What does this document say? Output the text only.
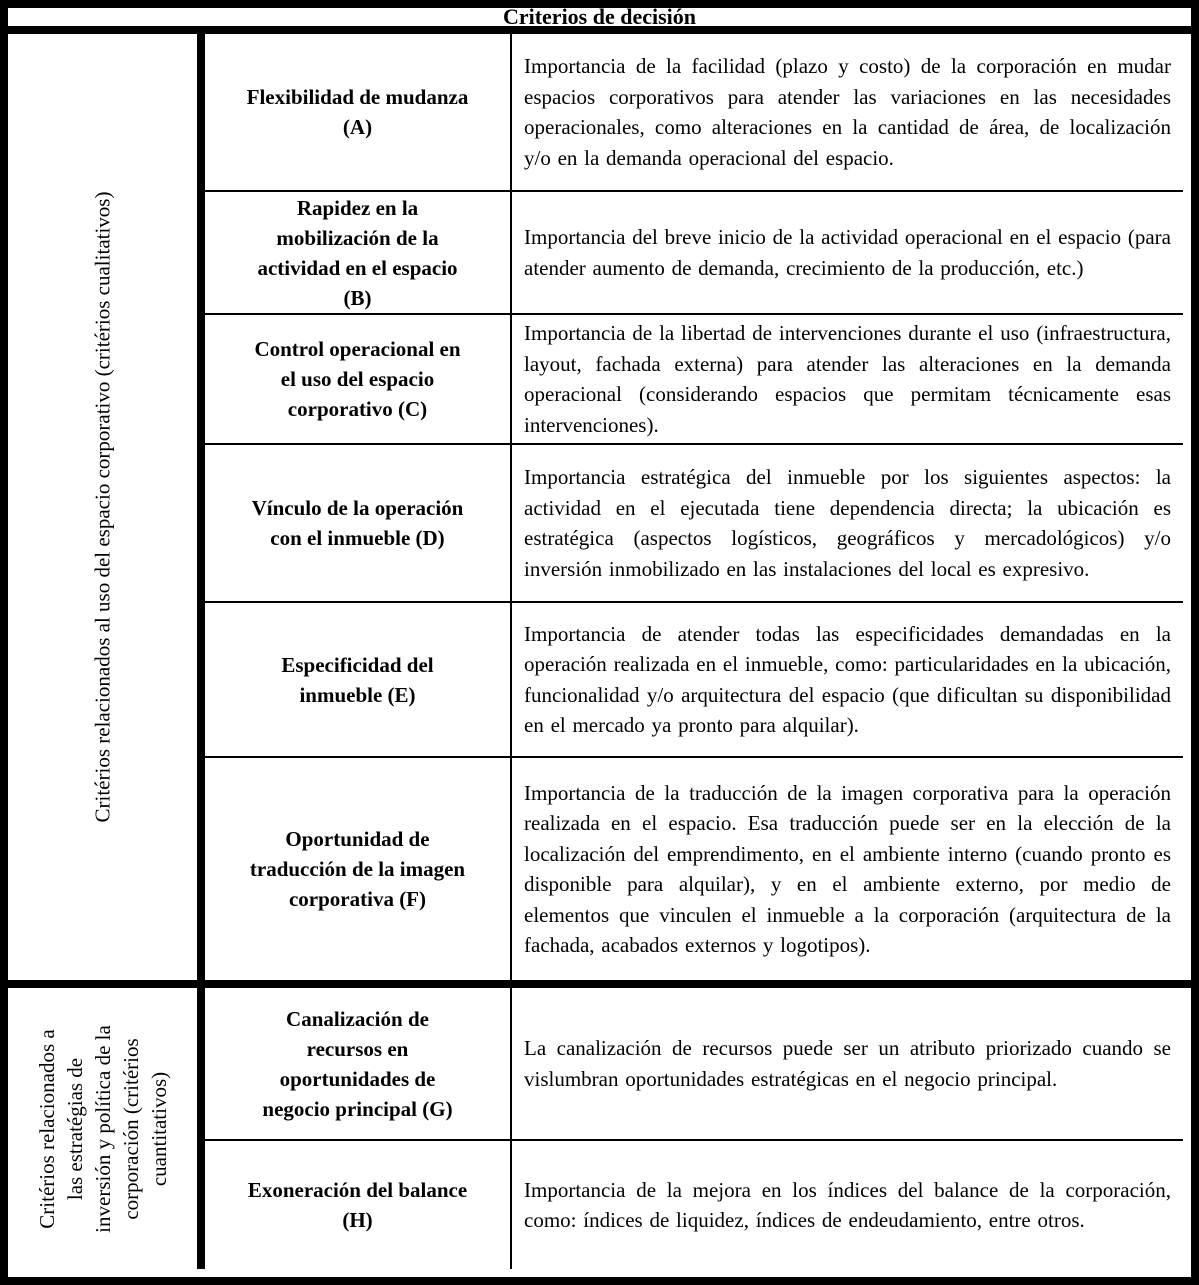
Criterios de decisión
Critérios relacionados al uso del espacio corporativo (critérios cualitativos)
Flexibilidad de mudanza
(A)
Importancia de la facilidad (plazo y costo) de la corporación en mudar espacios corporativos para atender las variaciones en las necesidades operacionales, como alteraciones en la cantidad de área, de localización y/o en la demanda operacional del espacio.
Rapidez en la
mobilización de la
actividad en el espacio
(B)
Importancia del breve inicio de la actividad operacional en el espacio (para atender aumento de demanda, crecimiento de la producción, etc.)
Control operacional en
el uso del espacio
corporativo (C)
Importancia de la libertad de intervenciones durante el uso (infraestructura, layout, fachada externa) para atender las alteraciones en la demanda operacional (considerando espacios que permitam técnicamente esas intervenciones).
Vínculo de la operación
con el inmueble (D)
Importancia estratégica del inmueble por los siguientes aspectos: la actividad en el ejecutada tiene dependencia directa; la ubicación es estratégica (aspectos logísticos, geográficos y mercadológicos) y/o inversión inmobilizado en las instalaciones del local es expresivo.
Especificidad del
inmueble (E)
Importancia de atender todas las especificidades demandadas en la operación realizada en el inmueble, como: particularidades en la ubicación, funcionalidad y/o arquitectura del espacio (que dificultan su disponibilidad en el mercado ya pronto para alquilar).
Oportunidad de
traducción de la imagen
corporativa (F)
Importancia de la traducción de la imagen corporativa para la operación realizada en el espacio. Esa traducción puede ser en la elección de la localización del emprendimento, en el ambiente interno (cuando pronto es disponible para alquilar), y en el ambiente externo, por medio de elementos que vinculen el inmueble a la corporación (arquitectura de la fachada, acabados externos y logotipos).
Critérios relacionados a las estratégias de inversión y política de la corporación (critérios cuantitativos)
Canalización de
recursos en
oportunidades de
negocio principal (G)
La canalización de recursos puede ser un atributo priorizado cuando se vislumbran oportunidades estratégicas en el negocio principal.
Exoneración del balance
(H)
Importancia de la mejora en los índices del balance de la corporación, como: índices de liquidez, índices de endeudamiento, entre otros.
